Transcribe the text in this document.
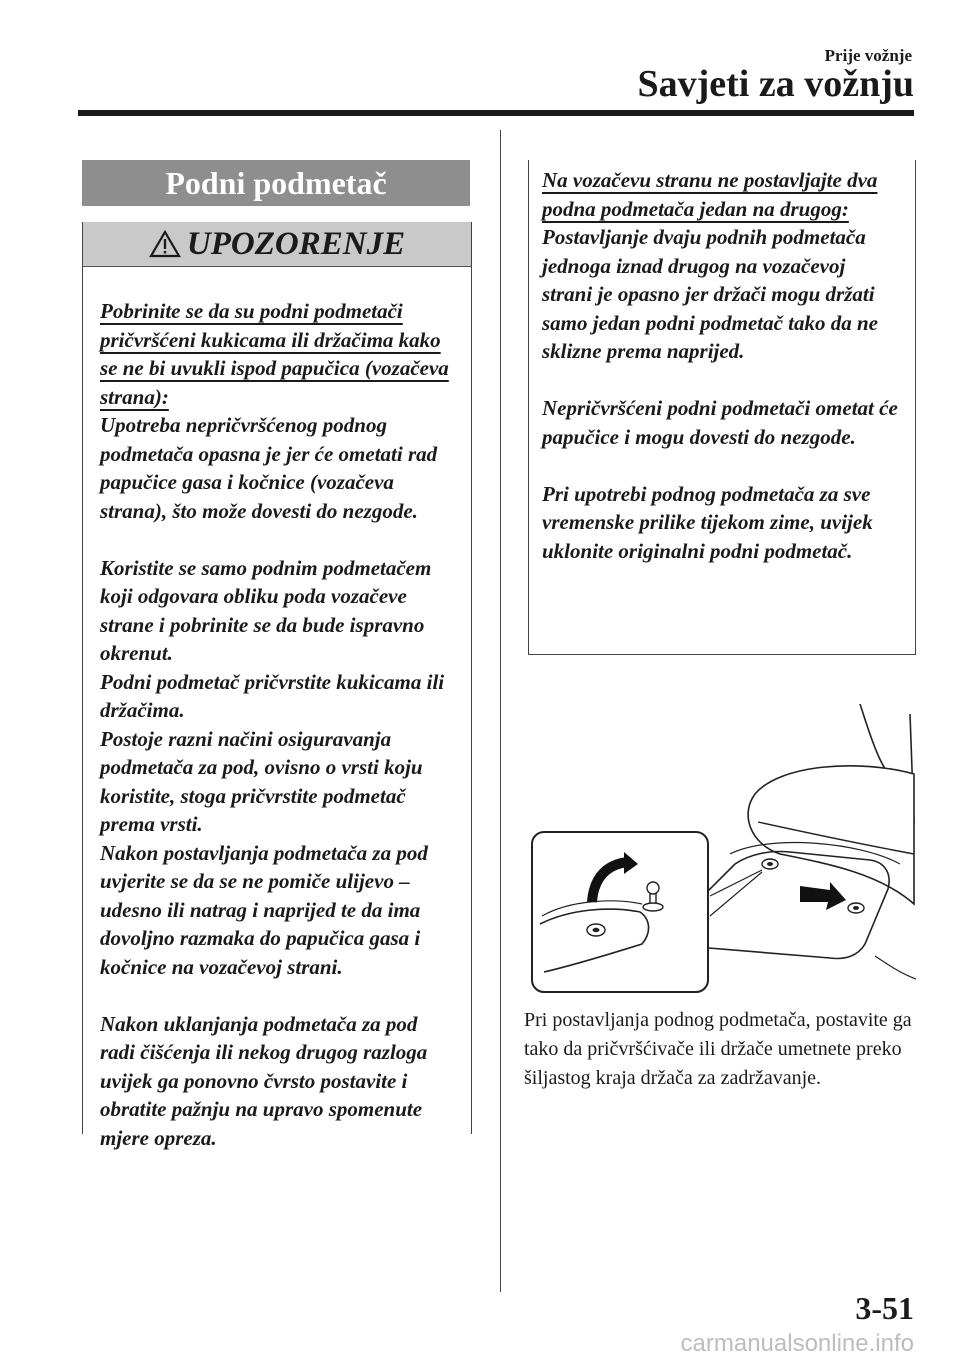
Prije vožnje
Savjeti za vožnju
Podni podmetač
UPOZORENJE
Pobrinite se da su podni podmetači pričvršćeni kukicama ili držačima kako se ne bi uvukli ispod papučica (vozačeva strana):

Upotreba nepričvršćenog podnog podmetača opasna je jer će ometati rad papučice gasa i kočnice (vozačeva strana), što može dovesti do nezgode.

Koristite se samo podnim podmetačem koji odgovara obliku poda vozačeve strane i pobrinite se da bude ispravno okrenut.
Podni podmetač pričvrstite kukicama ili držačima.
Postoje razni načini osiguravanja podmetača za pod, ovisno o vrsti koju koristite, stoga pričvrstite podmetač prema vrsti.

Nakon postavljanja podmetača za pod uvjerite se da se ne pomiče ulijevo – udesno ili natrag i naprijed te da ima dovoljno razmaka do papučica gasa i kočnice na vozačevoj strani.

Nakon uklanjanja podmetača za pod radi čišćenja ili nekog drugog razloga uvijek ga ponovno čvrsto postavite i obratite pažnju na upravo spomenute mjere opreza.

Na vozačevu stranu ne postavljajte dva podna podmetača jedan na drugog:

Postavljanje dvaju podnih podmetača jednoga iznad drugog na vozačevoj strani je opasno jer držači mogu držati samo jedan podni podmetač tako da ne sklizne prema naprijed.

Nepričvršćeni podni podmetači ometat će papučice i mogu dovesti do nezgode.

Pri upotrebi podnog podmetača za sve vremenske prilike tijekom zime, uvijek uklonite originalni podni podmetač.

Pri postavljanja podnog podmetača, postavite ga tako da pričvršćivače ili držače umetnete preko šiljastog kraja držača za zadržavanje.
3-51
carmanualsonline.info
